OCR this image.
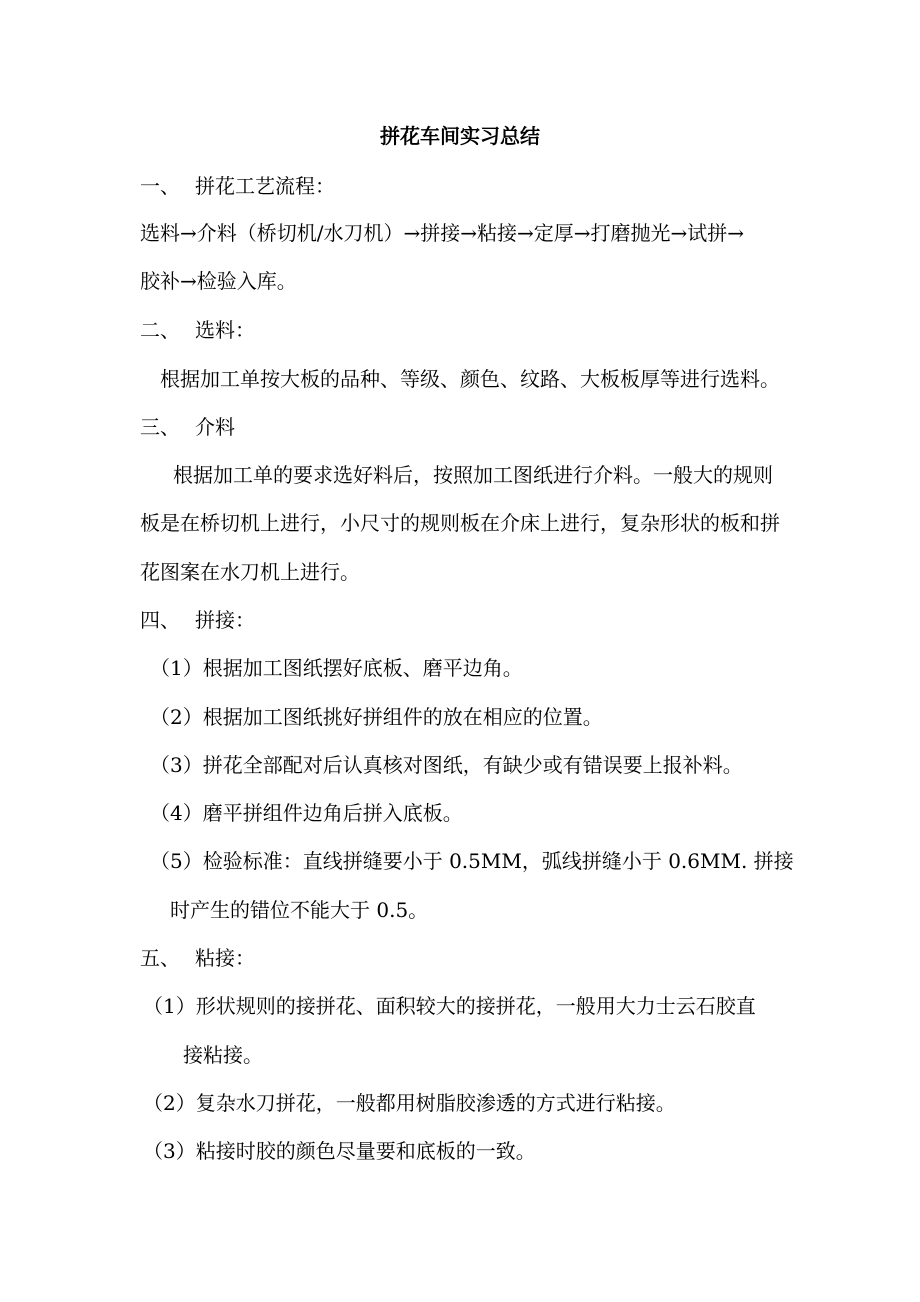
拼花车间实习总结
一、 拼花工艺流程：
选料→介料（桥切机/水刀机）→拼接→粘接→定厚→打磨抛光→试拼→
胶补→检验入库。
二、 选料：
根据加工单按大板的品种、等级、颜色、纹路、大板板厚等进行选料。
三、 介料
根据加工单的要求选好料后，按照加工图纸进行介料。一般大的规则
板是在桥切机上进行，小尺寸的规则板在介床上进行，复杂形状的板和拼
花图案在水刀机上进行。
四、 拼接：
（1）根据加工图纸摆好底板、磨平边角。
（2）根据加工图纸挑好拼组件的放在相应的位置。
（3）拼花全部配对后认真核对图纸，有缺少或有错误要上报补料。
（4）磨平拼组件边角后拼入底板。
（5）检验标准：直线拼缝要小于 0.5MM，弧线拼缝小于 0.6MM. 拼接
时产生的错位不能大于 0.5。
五、 粘接：
（1）形状规则的接拼花、面积较大的接拼花，一般用大力士云石胶直
接粘接。
（2）复杂水刀拼花，一般都用树脂胶渗透的方式进行粘接。
（3）粘接时胶的颜色尽量要和底板的一致。
